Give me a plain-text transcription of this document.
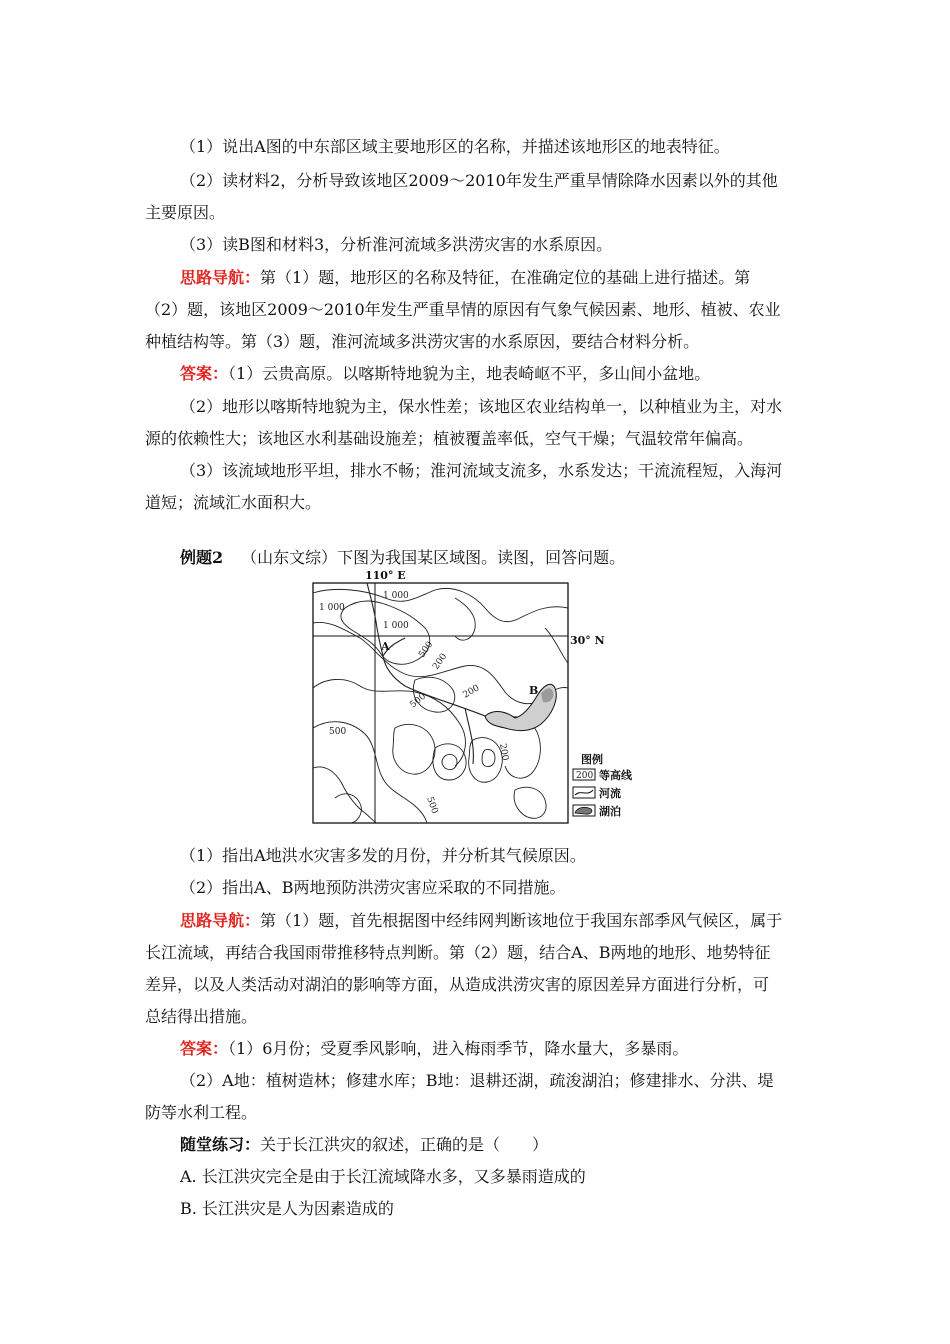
（1）说出A图的中东部区域主要地形区的名称，并描述该地形区的地表特征。
（2）读材料2，分析导致该地区2009～2010年发生严重旱情除降水因素以外的其他
主要原因。
（3）读B图和材料3，分析淮河流域多洪涝灾害的水系原因。
思路导航：第（1）题，地形区的名称及特征，在准确定位的基础上进行描述。第
（2）题，该地区2009～2010年发生严重旱情的原因有气象气候因素、地形、植被、农业
种植结构等。第（3）题，淮河流域多洪涝灾害的水系原因，要结合材料分析。
答案：（1）云贵高原。以喀斯特地貌为主，地表崎岖不平，多山间小盆地。
（2）地形以喀斯特地貌为主，保水性差；该地区农业结构单一，以种植业为主，对水
源的依赖性大；该地区水利基础设施差；植被覆盖率低，空气干燥；气温较常年偏高。
（3）该流域地形平坦，排水不畅；淮河流域支流多，水系发达；干流流程短，入海河
道短；流域汇水面积大。
例题2 （山东文综）下图为我国某区域图。读图，回答问题。
110° E
30° N
1 000
1 000
1 000
500
200
500
500
200
200
500
A
B
图例
200 等高线
河流
湖泊
（1）指出A地洪水灾害多发的月份，并分析其气候原因。
（2）指出A、B两地预防洪涝灾害应采取的不同措施。
思路导航：第（1）题，首先根据图中经纬网判断该地位于我国东部季风气候区，属于
长江流域，再结合我国雨带推移特点判断。第（2）题，结合A、B两地的地形、地势特征
差异，以及人类活动对湖泊的影响等方面，从造成洪涝灾害的原因差异方面进行分析，可
总结得出措施。
答案：（1）6月份；受夏季风影响，进入梅雨季节，降水量大，多暴雨。
（2）A地：植树造林；修建水库；B地：退耕还湖，疏浚湖泊；修建排水、分洪、堤
防等水利工程。
随堂练习：关于长江洪灾的叙述，正确的是（　　）
A. 长江洪灾完全是由于长江流域降水多，又多暴雨造成的
B. 长江洪灾是人为因素造成的
